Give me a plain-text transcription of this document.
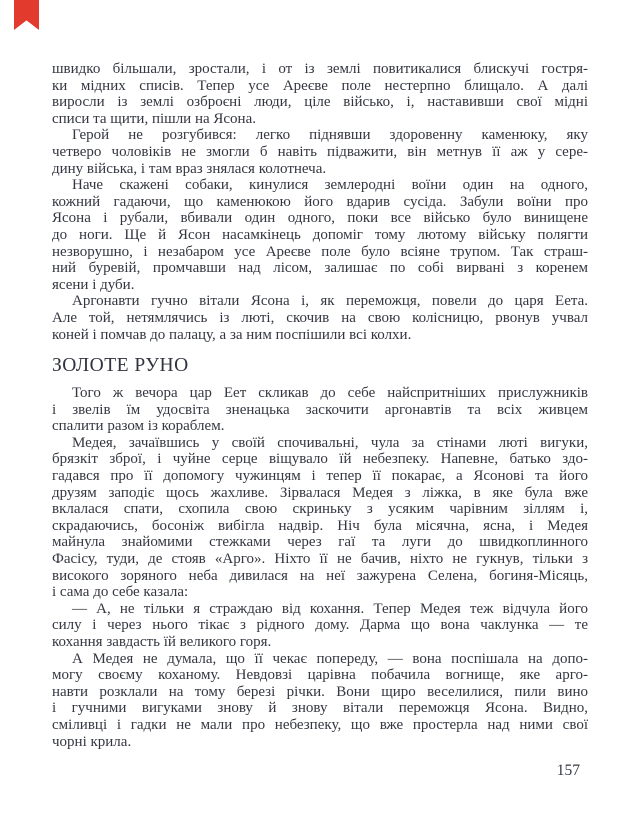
швидко більшали, зростали, і от із землі повитикалися блискучі гостря-
ки мідних списів. Тепер усе Ареєве поле нестерпно блищало. А далі
виросли із землі озброєні люди, ціле військо, і, наставивши свої мідні
списи та щити, пішли на Ясона.
Герой не розгубився: легко піднявши здоровенну каменюку, яку
четверо чоловіків не змогли б навіть підважити, він метнув її аж у сере-
дину війська, і там враз знялася колотнеча.
Наче скажені собаки, кинулися землеродні воїни один на одного,
кожний гадаючи, що каменюкою його вдарив сусіда. Забули воїни про
Ясона і рубали, вбивали один одного, поки все військо було винищене
до ноги. Ще й Ясон насамкінець допоміг тому лютому війську полягти
незворушно, і незабаром усе Ареєве поле було всіяне трупом. Так страш-
ний буревій, промчавши над лісом, залишає по собі вирвані з коренем
ясени і дуби.
Аргонавти гучно вітали Ясона і, як переможця, повели до царя Еета.
Але той, нетямлячись із люті, скочив на свою колісницю, рвонув учвал
коней і помчав до палацу, а за ним поспішили всі колхи.
ЗОЛОТЕ РУНО
Того ж вечора цар Еет скликав до себе найспритніших прислужників
і звелів їм удосвіта зненацька заскочити аргонавтів та всіх живцем
спалити разом із кораблем.
Медея, зачаївшись у своїй спочивальні, чула за стінами люті вигуки,
брязкіт зброї, і чуйне серце віщувало їй небезпеку. Напевне, батько здо-
гадався про її допомогу чужинцям і тепер її покарає, а Ясонові та його
друзям заподіє щось жахливе. Зірвалася Медея з ліжка, в яке була вже
вклалася спати, схопила свою скриньку з усяким чарівним зіллям і,
скрадаючись, босоніж вибігла надвір. Ніч була місячна, ясна, і Медея
майнула знайомими стежками через гаї та луги до швидкоплинного
Фасісу, туди, де стояв «Арго». Ніхто її не бачив, ніхто не гукнув, тільки з
високого зоряного неба дивилася на неї зажурена Селена, богиня-Місяць,
і сама до себе казала:
— А, не тільки я страждаю від кохання. Тепер Медея теж відчула його
силу і через нього тікає з рідного дому. Дарма що вона чаклунка — те
кохання завдасть їй великого горя.
А Медея не думала, що її чекає попереду, — вона поспішала на допо-
могу своєму коханому. Невдовзі царівна побачила вогнище, яке арго-
навти розклали на тому березі річки. Вони щиро веселилися, пили вино
і гучними вигуками знову й знову вітали переможця Ясона. Видно,
сміливці і гадки не мали про небезпеку, що вже простерла над ними свої
чорні крила.
157
